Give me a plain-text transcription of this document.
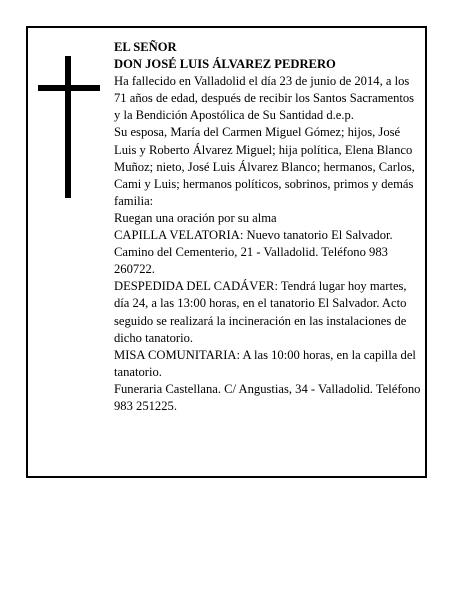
EL SEÑOR

DON JOSÉ LUIS ÁLVAREZ PEDRERO

Ha fallecido en Valladolid el día 23 de junio de 2014, a los 71 años de edad, después de recibir los Santos Sacramentos y la Bendición Apostólica de Su Santidad d.e.p.

Su esposa, María del Carmen Miguel Gómez; hijos, José Luis y Roberto Álvarez Miguel; hija política, Elena Blanco Muñoz; nieto, José Luis Álvarez Blanco; hermanos, Carlos, Cami y Luis; hermanos políticos, sobrinos, primos y demás familia:

Ruegan una oración por su alma

CAPILLA VELATORIA: Nuevo tanatorio El Salvador. Camino del Cementerio, 21 - Valladolid. Teléfono 983 260722.

DESPEDIDA DEL CADÁVER: Tendrá lugar hoy martes, día 24, a las 13:00 horas, en el tanatorio El Salvador. Acto seguido se realizará la incineración en las instalaciones de dicho tanatorio.

MISA COMUNITARIA: A las 10:00 horas, en la capilla del tanatorio.

Funeraria Castellana. C/ Angustias, 34 - Valladolid. Teléfono 983 251225.
